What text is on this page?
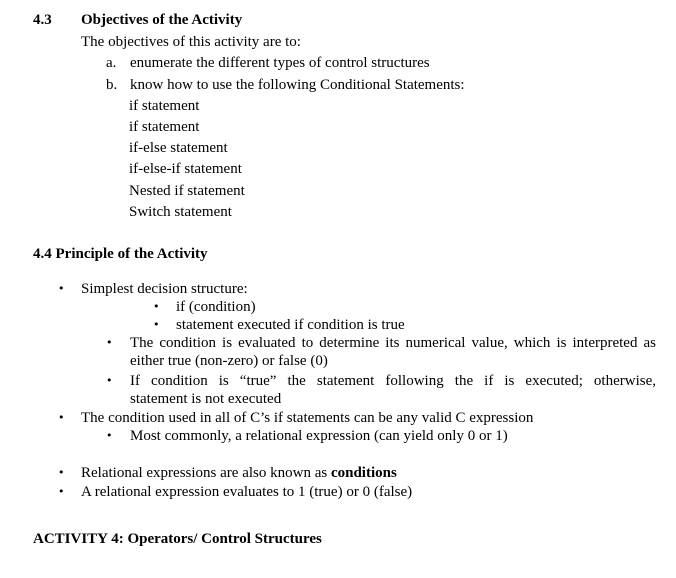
4.3 Objectives of the Activity
The objectives of this activity are to:
a. enumerate the different types of control structures
b. know how to use the following Conditional Statements:
if statement
if statement
if-else statement
if-else-if statement
Nested if statement
Switch statement
4.4 Principle of the Activity
• Simplest decision structure:
• if (condition)
• statement executed if condition is true
• The condition is evaluated to determine its numerical value, which is interpreted as
either true (non-zero) or false (0)
• If condition is “true” the statement following the if is executed; otherwise,
statement is not executed
• The condition used in all of C’s if statements can be any valid C expression
• Most commonly, a relational expression (can yield only 0 or 1)
• Relational expressions are also known as conditions
• A relational expression evaluates to 1 (true) or 0 (false)
ACTIVITY 4: Operators/ Control Structures
